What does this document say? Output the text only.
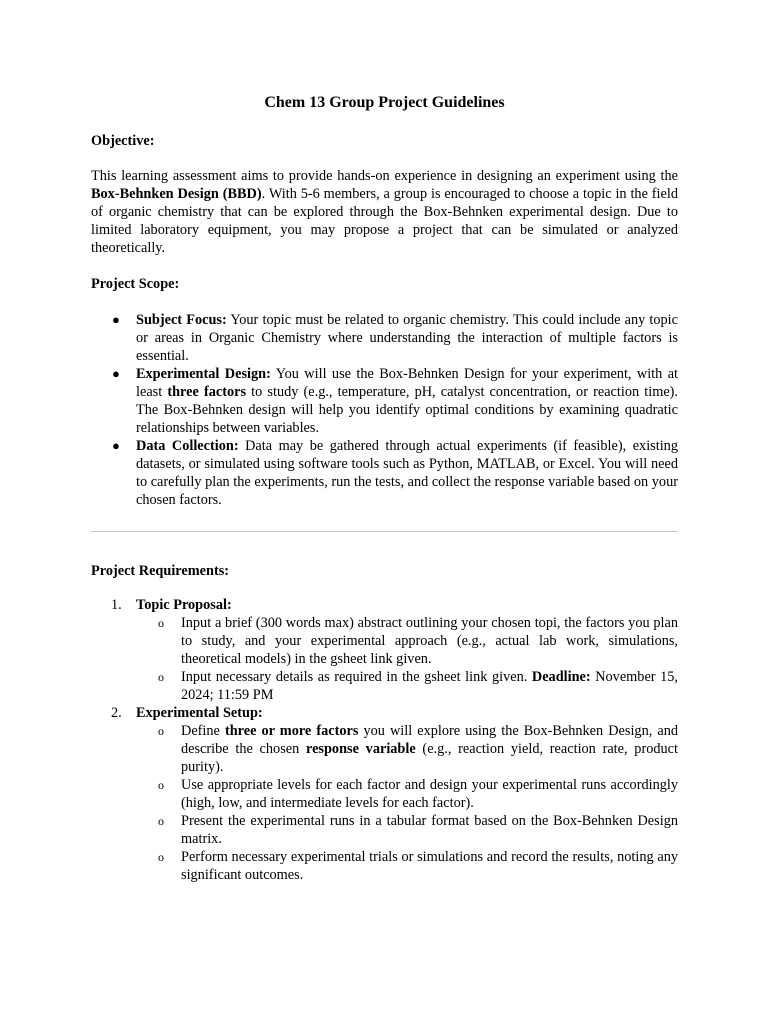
Chem 13 Group Project Guidelines

Objective:

This learning assessment aims to provide hands-on experience in designing an experiment using the Box-Behnken Design (BBD). With 5-6 members, a group is encouraged to choose a topic in the field of organic chemistry that can be explored through the Box-Behnken experimental design. Due to limited laboratory equipment, you may propose a project that can be simulated or analyzed theoretically.

Project Scope:

● Subject Focus: Your topic must be related to organic chemistry. This could include any topic or areas in Organic Chemistry where understanding the interaction of multiple factors is essential.
● Experimental Design: You will use the Box-Behnken Design for your experiment, with at least three factors to study (e.g., temperature, pH, catalyst concentration, or reaction time). The Box-Behnken design will help you identify optimal conditions by examining quadratic relationships between variables.
● Data Collection: Data may be gathered through actual experiments (if feasible), existing datasets, or simulated using software tools such as Python, MATLAB, or Excel. You will need to carefully plan the experiments, run the tests, and collect the response variable based on your chosen factors.

Project Requirements:

1. Topic Proposal:
o Input a brief (300 words max) abstract outlining your chosen topi, the factors you plan to study, and your experimental approach (e.g., actual lab work, simulations, theoretical models) in the gsheet link given.
o Input necessary details as required in the gsheet link given. Deadline: November 15, 2024; 11:59 PM
2. Experimental Setup:
o Define three or more factors you will explore using the Box-Behnken Design, and describe the chosen response variable (e.g., reaction yield, reaction rate, product purity).
o Use appropriate levels for each factor and design your experimental runs accordingly (high, low, and intermediate levels for each factor).
o Present the experimental runs in a tabular format based on the Box-Behnken Design matrix.
o Perform necessary experimental trials or simulations and record the results, noting any significant outcomes.
